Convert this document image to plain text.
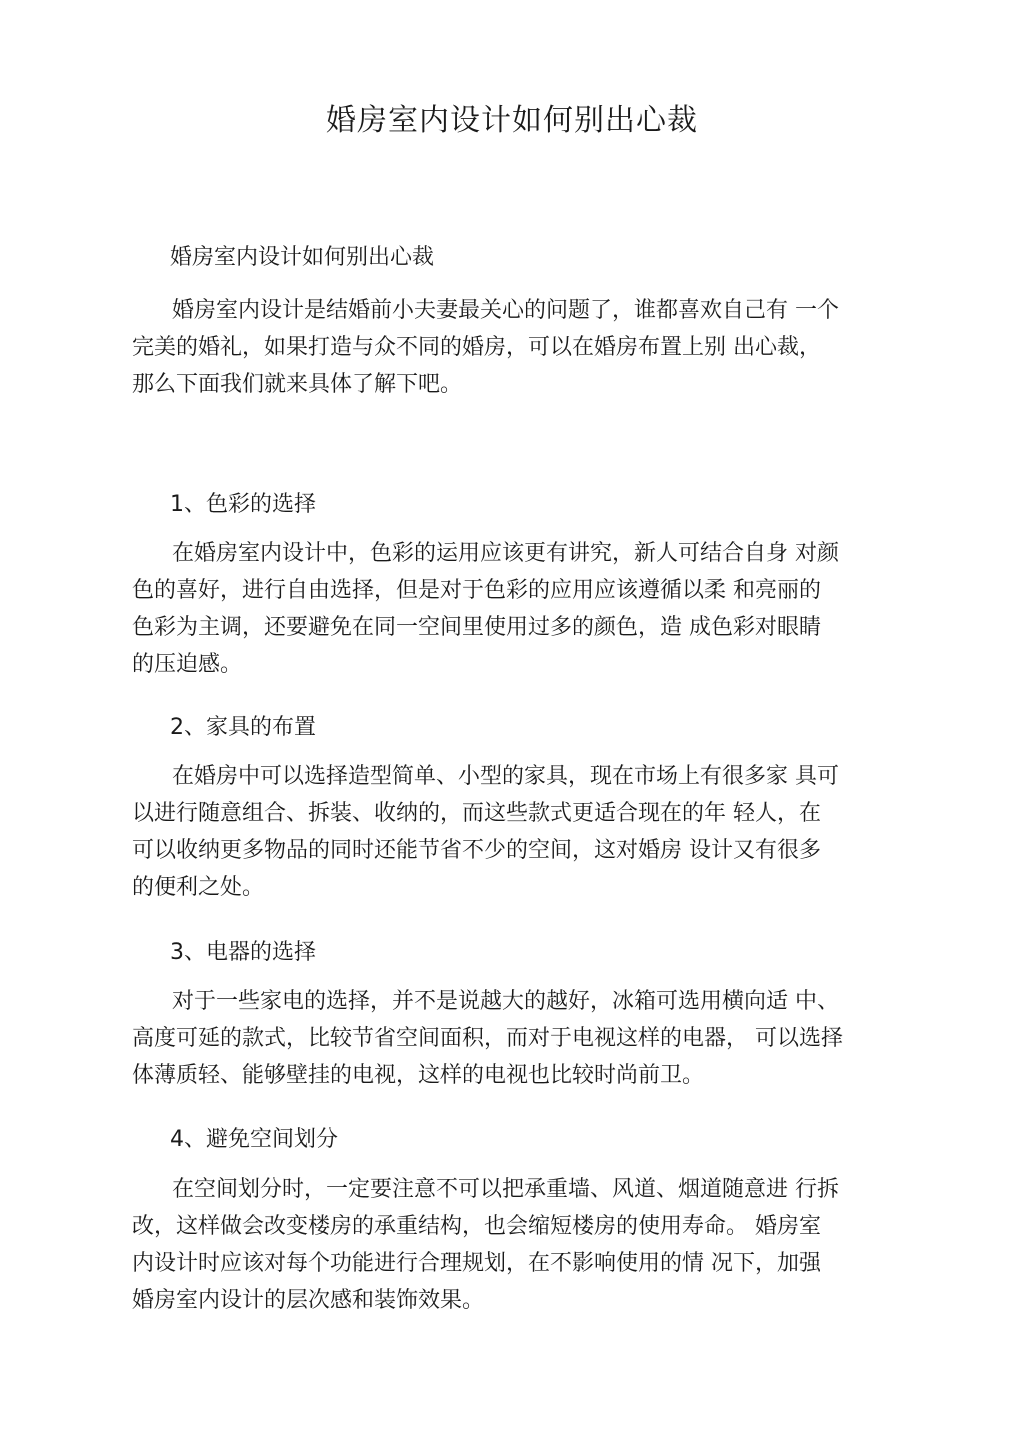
婚房室内设计如何别出心裁
婚房室内设计如何别出心裁
婚房室内设计是结婚前小夫妻最关心的问题了，谁都喜欢自己有 一个
完美的婚礼，如果打造与众不同的婚房，可以在婚房布置上别 出心裁，
那么下面我们就来具体了解下吧。
1、色彩的选择
在婚房室内设计中，色彩的运用应该更有讲究，新人可结合自身 对颜
色的喜好，进行自由选择，但是对于色彩的应用应该遵循以柔 和亮丽的
色彩为主调，还要避免在同一空间里使用过多的颜色，造 成色彩对眼睛
的压迫感。
2、家具的布置
在婚房中可以选择造型简单、小型的家具，现在市场上有很多家 具可
以进行随意组合、拆装、收纳的，而这些款式更适合现在的年 轻人，在
可以收纳更多物品的同时还能节省不少的空间，这对婚房 设计又有很多
的便利之处。
3、电器的选择
对于一些家电的选择，并不是说越大的越好，冰箱可选用横向适 中、
高度可延的款式，比较节省空间面积，而对于电视这样的电器， 可以选择
体薄质轻、能够壁挂的电视，这样的电视也比较时尚前卫。
4、避免空间划分
在空间划分时，一定要注意不可以把承重墙、风道、烟道随意进 行拆
改，这样做会改变楼房的承重结构，也会缩短楼房的使用寿命。 婚房室
内设计时应该对每个功能进行合理规划，在不影响使用的情 况下，加强
婚房室内设计的层次感和装饰效果。
